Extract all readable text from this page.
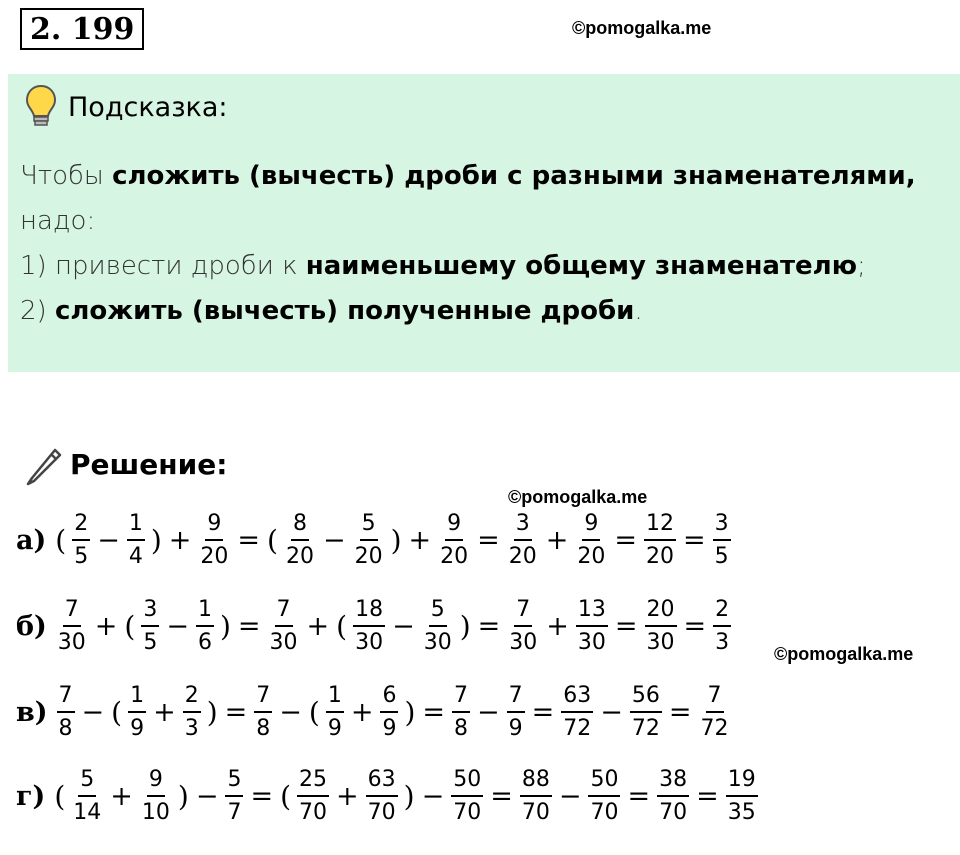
2. 199	©pomogalka.me
Подсказка:
Чтобы сложить (вычесть) дроби с разными знаменателями,
надо:
1) привести дроби к наименьшему общему знаменателю;
2) сложить (вычесть) полученные дроби.
Решение:
©pomogalka.me
©pomogalka.me
а) ( $\frac{2}{5} - \frac{1}{4}$ ) + $\frac{9}{20}$ = ( $\frac{8}{20} - \frac{5}{20}$ ) + $\frac{9}{20} = \frac{3}{20} + \frac{9}{20} = \frac{12}{20} = \frac{3}{5}$
$б) \frac{7}{30}$ + ( $\frac{3}{5} - \frac{1}{6}$ ) = $\frac{7}{30}$ + ( $\frac{18}{30} - \frac{5}{30}$ ) = $\frac{7}{30} + \frac{13}{30} = \frac{20}{30} = \frac{2}{3}$
$в) \frac{7}{8}$ − ( $\frac{1}{9} + \frac{2}{3}$ ) = $\frac{7}{8}$ − ( $\frac{1}{9} + \frac{6}{9}$ ) = $\frac{7}{8} - \frac{7}{9} = \frac{63}{72} - \frac{56}{72} = \frac{7}{72}$
г) ( $\frac{5}{14} + \frac{9}{10}$ ) − $\frac{5}{7}$ = ( $\frac{25}{70} + \frac{63}{70}$ ) − $\frac{50}{70} = \frac{88}{70} - \frac{50}{70} = \frac{38}{70} = \frac{19}{35}$
